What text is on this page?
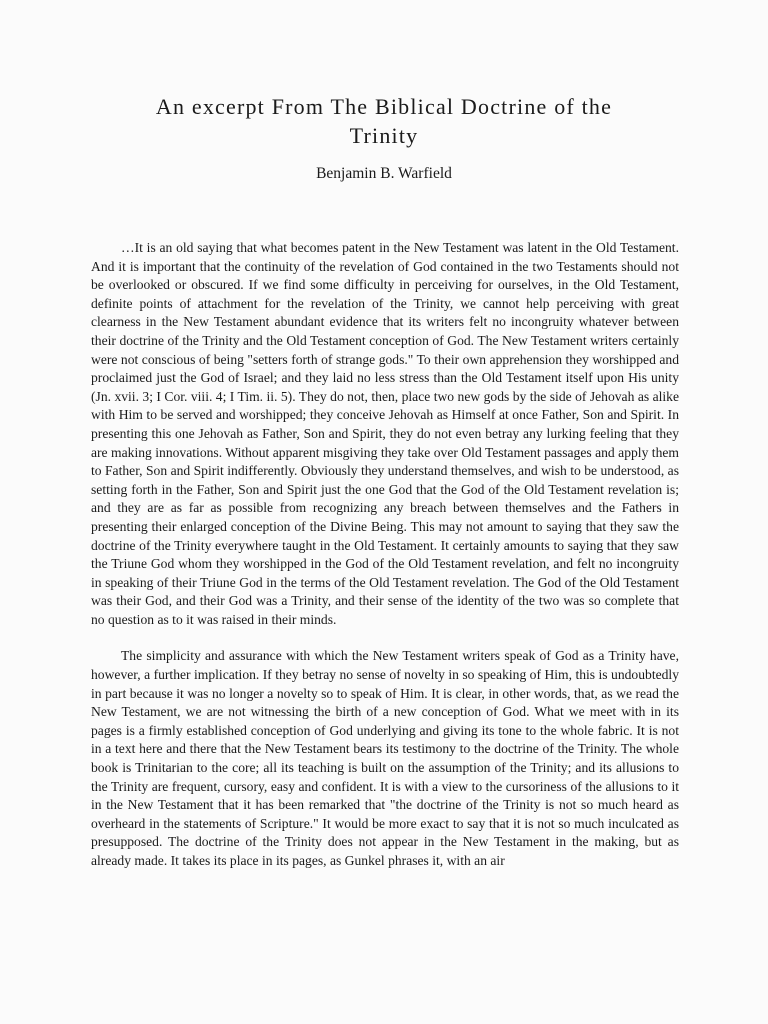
An excerpt From The Biblical Doctrine of the Trinity

Benjamin B. Warfield

…It is an old saying that what becomes patent in the New Testament was latent in the Old Testament. And it is important that the continuity of the revelation of God contained in the two Testaments should not be overlooked or obscured. If we find some difficulty in perceiving for ourselves, in the Old Testament, definite points of attachment for the revelation of the Trinity, we cannot help perceiving with great clearness in the New Testament abundant evidence that its writers felt no incongruity whatever between their doctrine of the Trinity and the Old Testament conception of God. The New Testament writers certainly were not conscious of being "setters forth of strange gods." To their own apprehension they worshipped and proclaimed just the God of Israel; and they laid no less stress than the Old Testament itself upon His unity (Jn. xvii. 3; I Cor. viii. 4; I Tim. ii. 5). They do not, then, place two new gods by the side of Jehovah as alike with Him to be served and worshipped; they conceive Jehovah as Himself at once Father, Son and Spirit. In presenting this one Jehovah as Father, Son and Spirit, they do not even betray any lurking feeling that they are making innovations. Without apparent misgiving they take over Old Testament passages and apply them to Father, Son and Spirit indifferently. Obviously they understand themselves, and wish to be understood, as setting forth in the Father, Son and Spirit just the one God that the God of the Old Testament revelation is; and they are as far as possible from recognizing any breach between themselves and the Fathers in presenting their enlarged conception of the Divine Being. This may not amount to saying that they saw the doctrine of the Trinity everywhere taught in the Old Testament. It certainly amounts to saying that they saw the Triune God whom they worshipped in the God of the Old Testament revelation, and felt no incongruity in speaking of their Triune God in the terms of the Old Testament revelation. The God of the Old Testament was their God, and their God was a Trinity, and their sense of the identity of the two was so complete that no question as to it was raised in their minds.

The simplicity and assurance with which the New Testament writers speak of God as a Trinity have, however, a further implication. If they betray no sense of novelty in so speaking of Him, this is undoubtedly in part because it was no longer a novelty so to speak of Him. It is clear, in other words, that, as we read the New Testament, we are not witnessing the birth of a new conception of God. What we meet with in its pages is a firmly established conception of God underlying and giving its tone to the whole fabric. It is not in a text here and there that the New Testament bears its testimony to the doctrine of the Trinity. The whole book is Trinitarian to the core; all its teaching is built on the assumption of the Trinity; and its allusions to the Trinity are frequent, cursory, easy and confident. It is with a view to the cursoriness of the allusions to it in the New Testament that it has been remarked that "the doctrine of the Trinity is not so much heard as overheard in the statements of Scripture." It would be more exact to say that it is not so much inculcated as presupposed. The doctrine of the Trinity does not appear in the New Testament in the making, but as already made. It takes its place in its pages, as Gunkel phrases it, with an air
